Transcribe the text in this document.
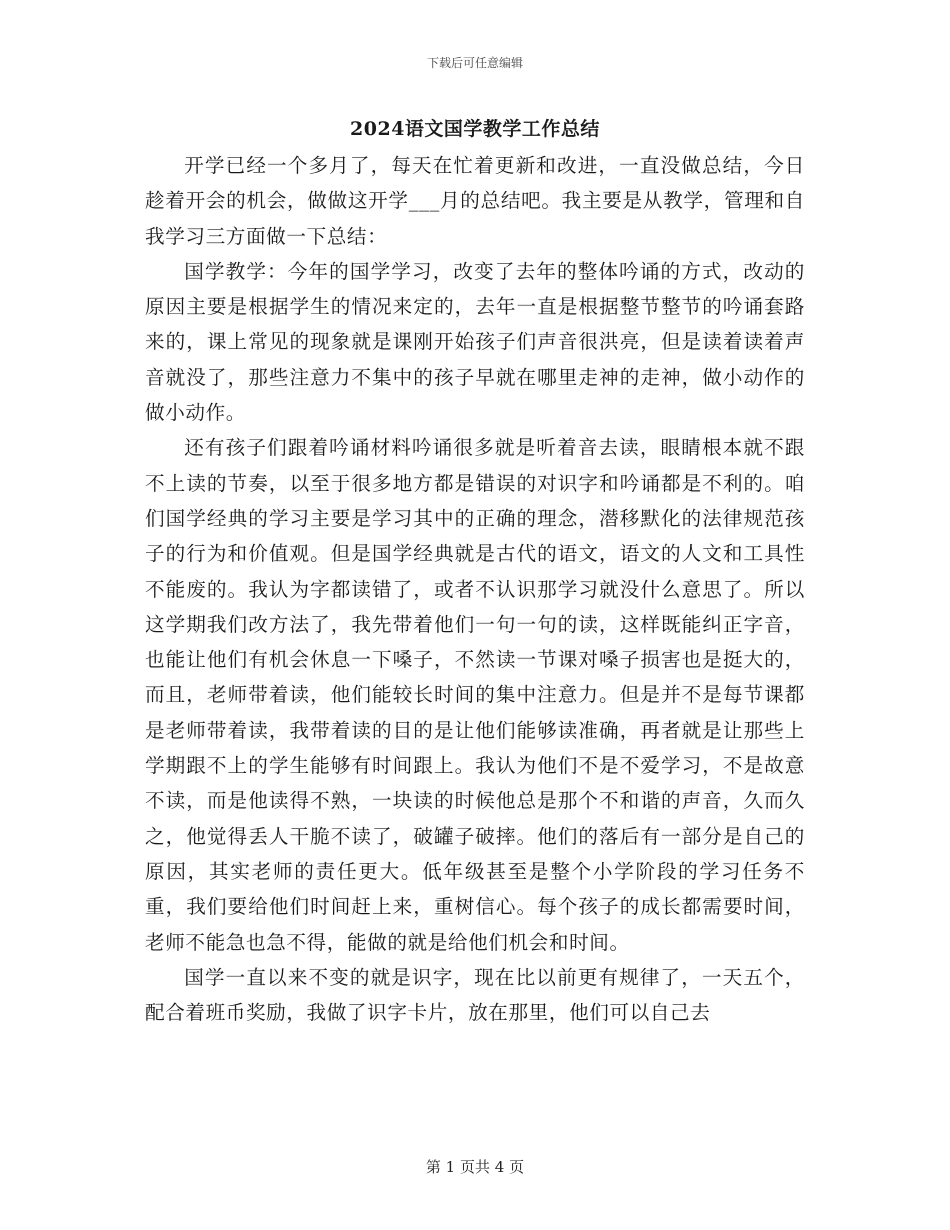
下载后可任意编辑
2024语文国学教学工作总结

开学已经一个多月了，每天在忙着更新和改进，一直没做总结，今日趁着开会的机会，做做这开学___月的总结吧。我主要是从教学，管理和自我学习三方面做一下总结：

国学教学：今年的国学学习，改变了去年的整体吟诵的方式，改动的原因主要是根据学生的情况来定的，去年一直是根据整节整节的吟诵套路来的，课上常见的现象就是课刚开始孩子们声音很洪亮，但是读着读着声音就没了，那些注意力不集中的孩子早就在哪里走神的走神，做小动作的做小动作。

还有孩子们跟着吟诵材料吟诵很多就是听着音去读，眼睛根本就不跟不上读的节奏，以至于很多地方都是错误的对识字和吟诵都是不利的。咱们国学经典的学习主要是学习其中的正确的理念，潜移默化的法律规范孩子的行为和价值观。但是国学经典就是古代的语文，语文的人文和工具性不能废的。我认为字都读错了，或者不认识那学习就没什么意思了。所以这学期我们改方法了，我先带着他们一句一句的读，这样既能纠正字音，也能让他们有机会休息一下嗓子，不然读一节课对嗓子损害也是挺大的，而且，老师带着读，他们能较长时间的集中注意力。但是并不是每节课都是老师带着读，我带着读的目的是让他们能够读准确，再者就是让那些上学期跟不上的学生能够有时间跟上。我认为他们不是不爱学习，不是故意不读，而是他读得不熟，一块读的时候他总是那个不和谐的声音，久而久之，他觉得丢人干脆不读了，破罐子破摔。他们的落后有一部分是自己的原因，其实老师的责任更大。低年级甚至是整个小学阶段的学习任务不重，我们要给他们时间赶上来，重树信心。每个孩子的成长都需要时间，老师不能急也急不得，能做的就是给他们机会和时间。

国学一直以来不变的就是识字，现在比以前更有规律了，一天五个，配合着班币奖励，我做了识字卡片，放在那里，他们可以自己去

第 1 页共 4 页
